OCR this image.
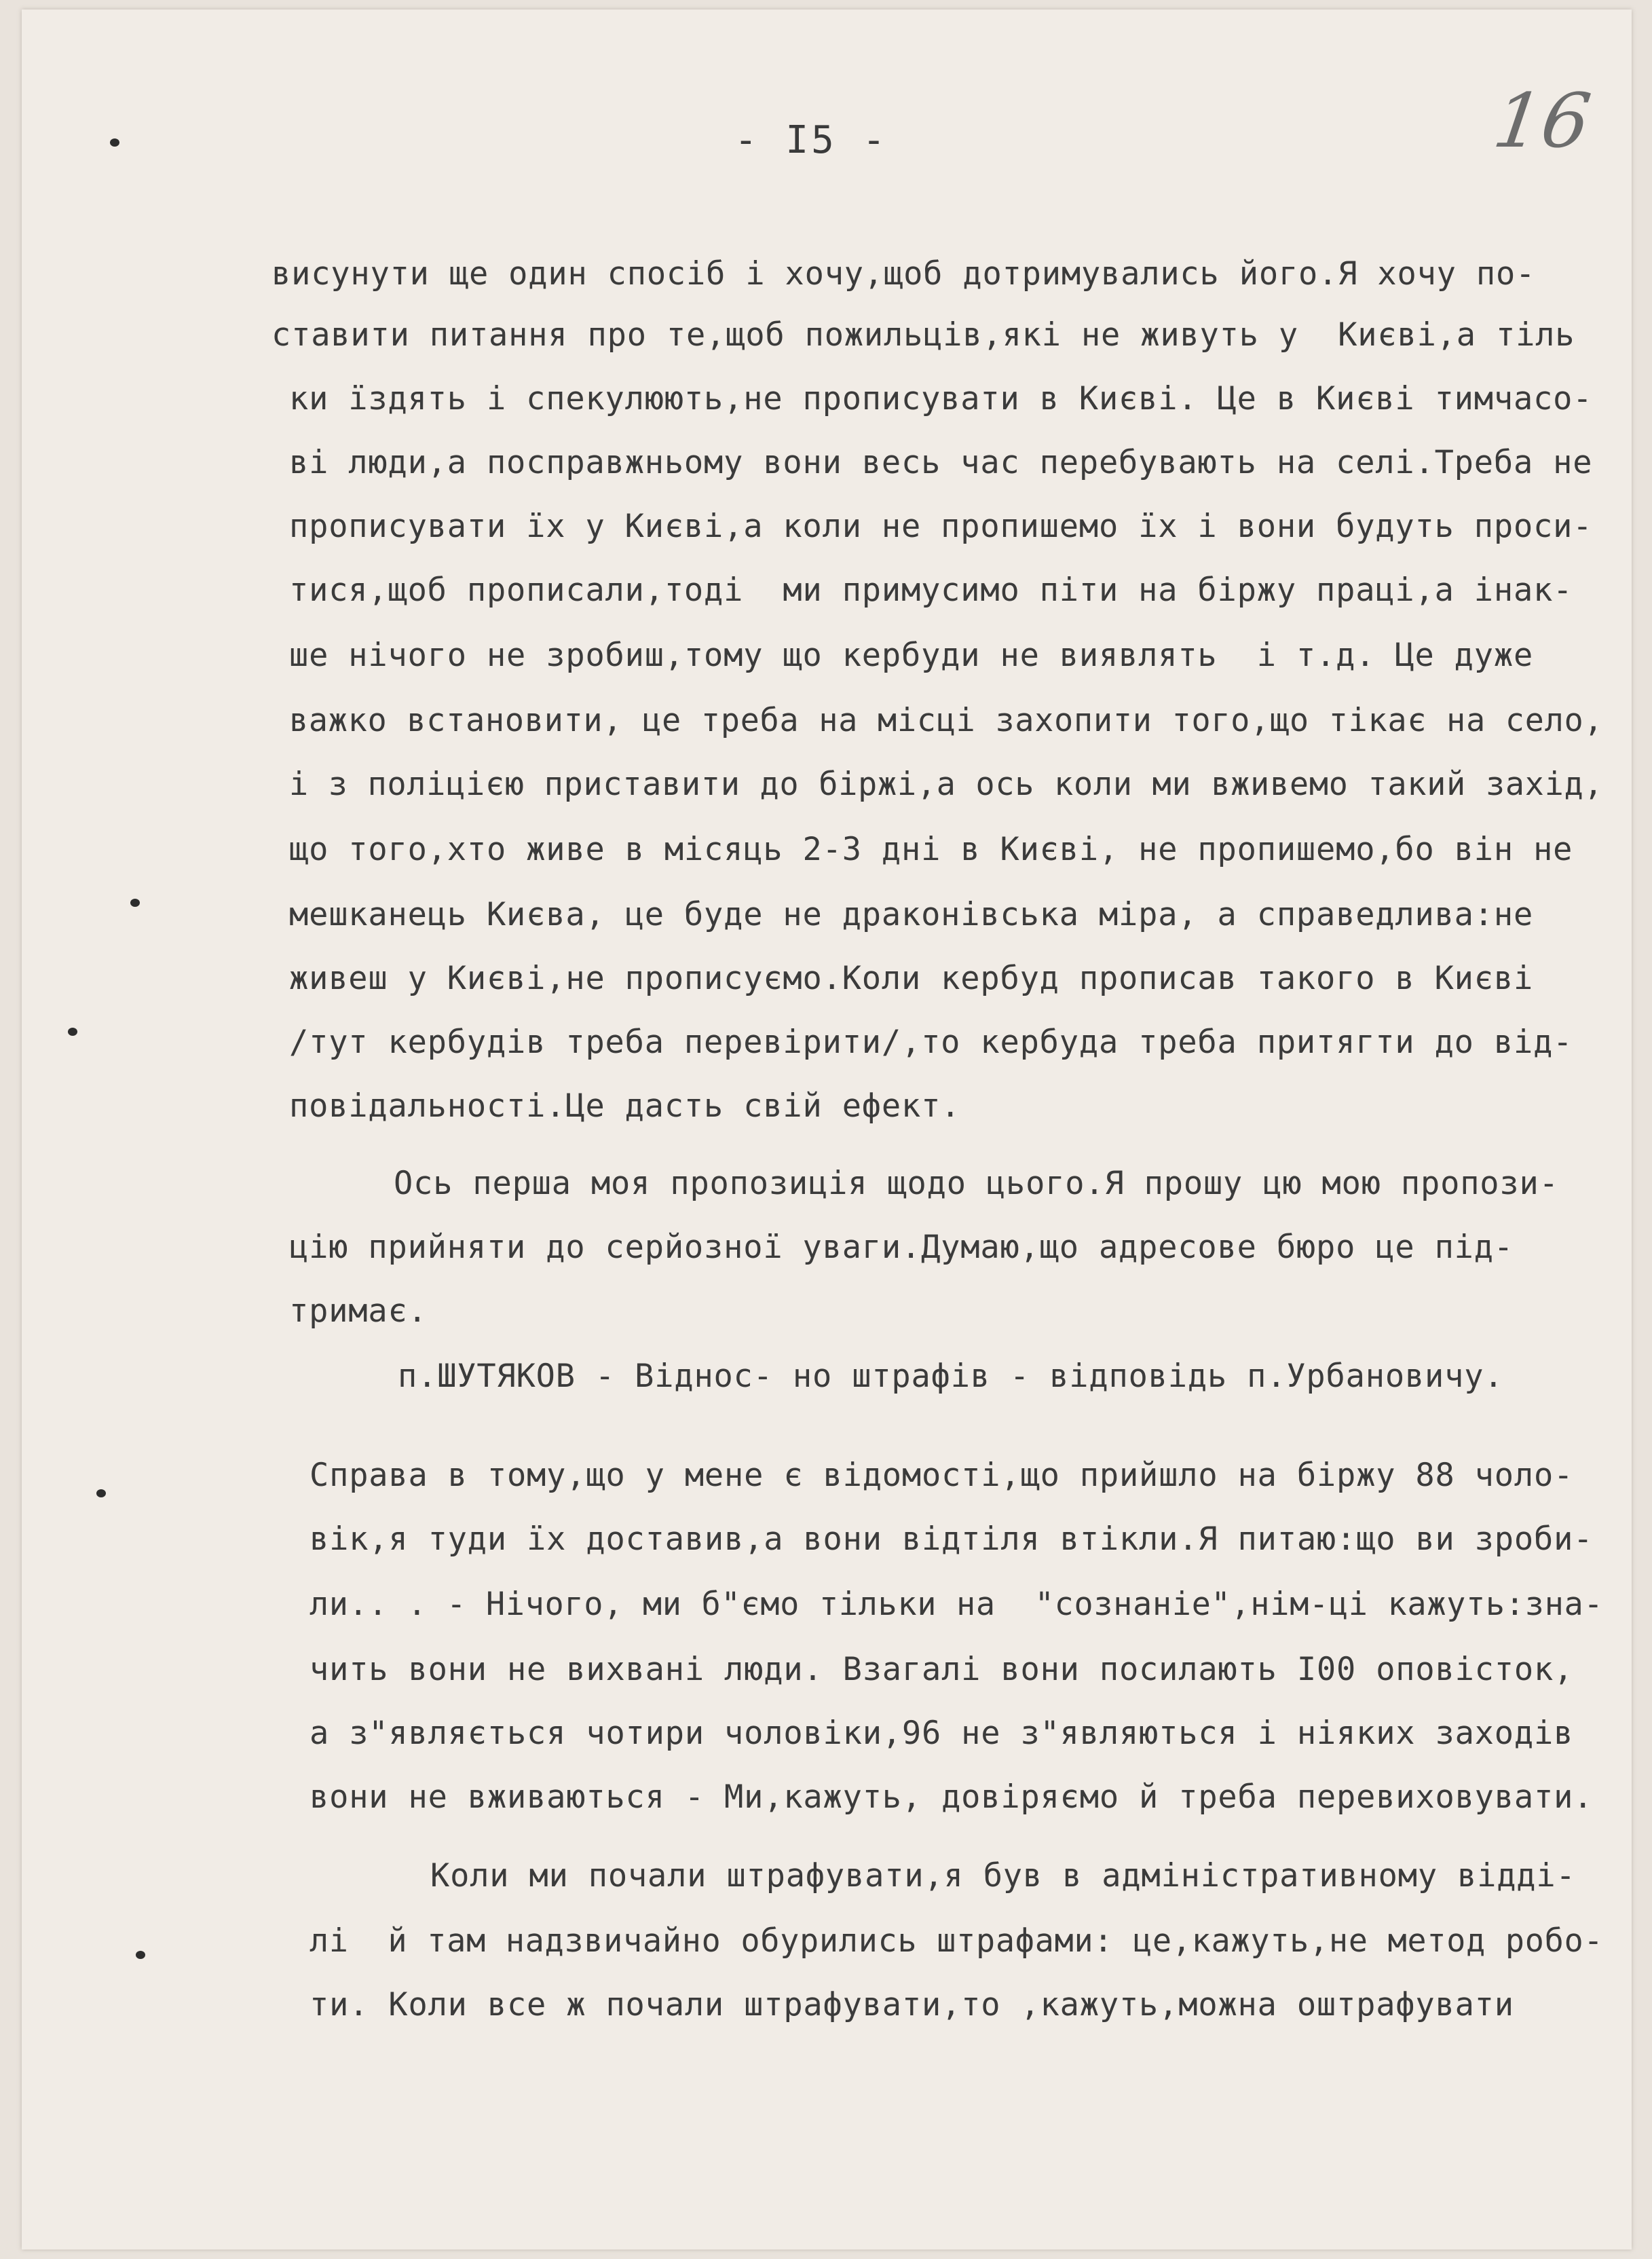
- I5 -	16
висунути ще один спосіб і хочу,щоб дотримувались його.Я хочу по-
ставити питання про те,щоб пожильців,які не живуть у  Києві,а тіль
ки їздять і спекулюють,не прописувати в Києві. Це в Києві тимчасо-
ві люди,а посправжньому вони весь час перебувають на селі.Треба не
прописувати їх у Києві,а коли не пропишемо їх і вони будуть проси-
тися,щоб прописали,тоді  ми примусимо піти на біржу праці,а інак-
ше нічого не зробиш,тому що кербуди не виявлять  і т.д. Це дуже
важко встановити, це треба на місці захопити того,що тікає на село,
і з поліцією приставити до біржі,а ось коли ми вживемо такий захід,
що того,хто живе в місяць 2-3 дні в Києві, не пропишемо,бо він не
мешканець Києва, це буде не драконівська міра, а справедлива:не
живеш у Києві,не прописуємо.Коли кербуд прописав такого в Києві
/тут кербудів треба перевірити/,то кербуда треба притягти до від-
повідальності.Це дасть свій ефект.
Ось перша моя пропозиція щодо цього.Я прошу цю мою пропози-
цію прийняти до серйозної уваги.Думаю,що адресове бюро це під-
тримає.
п.ШУТЯКОВ - Віднос- но штрафів - відповідь п.Урбановичу.
Справа в тому,що у мене є відомості,що прийшло на біржу 88 чоло-
вік,я туди їх доставив,а вони відтіля втікли.Я питаю:що ви зроби-
ли.. . - Нічого, ми б"ємо тільки на  "сознаніе",нім-ці кажуть:зна-
чить вони не вихвані люди. Взагалі вони посилають І00 оповісток,
а з"являється чотири чоловіки,96 не з"являються і ніяких заходів
вони не вживаються - Ми,кажуть, довіряємо й треба перевиховувати.
Коли ми почали штрафувати,я був в адміністративному відді-
лі  й там надзвичайно обурились штрафами: це,кажуть,не метод робо-
ти. Коли все ж почали штрафувати,то ,кажуть,можна оштрафувати
